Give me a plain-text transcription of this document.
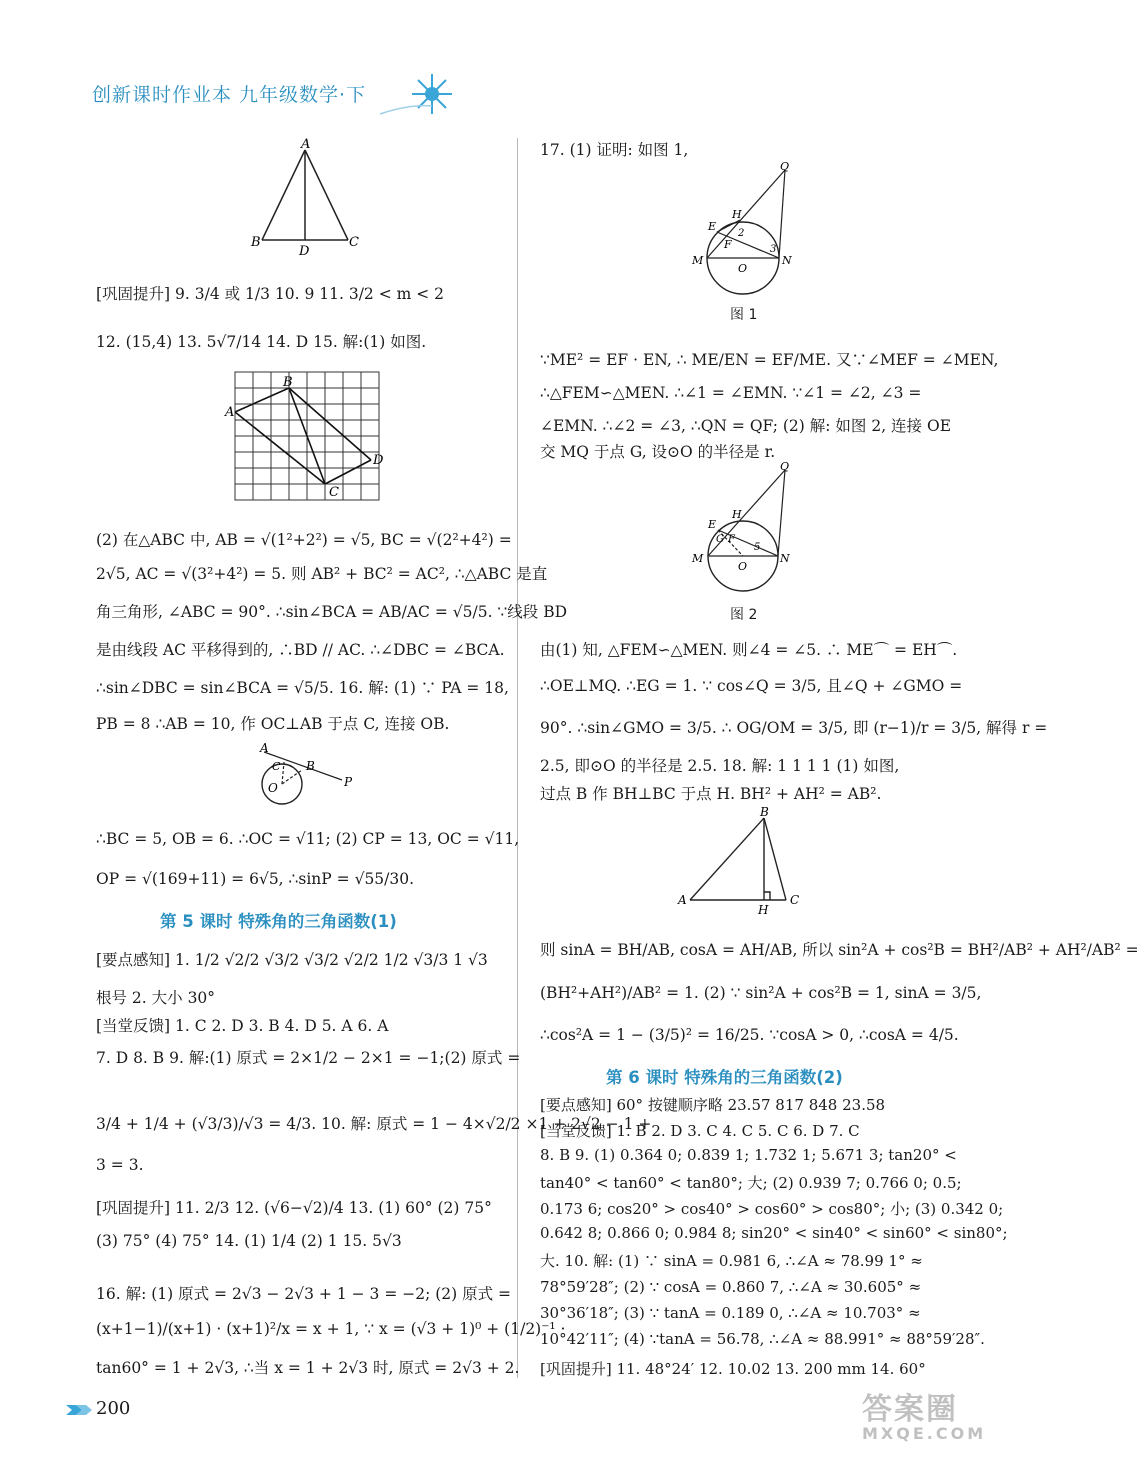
创新课时作业本 九年级数学·下
A
B
D
C
[巩固提升] 9. 3/4 或 1/3 10. 9 11. 3/2 < m < 2
12. (15,4) 13. 5√7/14 14. D 15. 解:(1) 如图.
A
B
C
D
(2) 在△ABC 中, AB = √(1²+2²) = √5, BC = √(2²+4²) =
2√5, AC = √(3²+4²) = 5. 则 AB² + BC² = AC², ∴△ABC 是直
角三角形, ∠ABC = 90°. ∴sin∠BCA = AB/AC = √5/5. ∵线段 BD
是由线段 AC 平移得到的, ∴BD // AC. ∴∠DBC = ∠BCA.
∴sin∠DBC = sin∠BCA = √5/5. 16. 解: (1) ∵ PA = 18,
PB = 8 ∴AB = 10, 作 OC⊥AB 于点 C, 连接 OB.
A
C B
O	P
∴BC = 5, OB = 6. ∴OC = √11; (2) CP = 13, OC = √11,
OP = √(169+11) = 6√5, ∴sinP = √55/30.
第 5 课时 特殊角的三角函数(1)
[要点感知] 1. 1/2 √2/2 √3/2 √3/2 √2/2 1/2 √3/3 1 √3
根号 2. 大小 30°
[当堂反馈] 1. C 2. D 3. B 4. D 5. A 6. A
7. D 8. B 9. 解:(1) 原式 = 2×1/2 − 2×1 = −1;(2) 原式 =
3/4 + 1/4 + (√3/3)/√3 = 4/3. 10. 解: 原式 = 1 − 4×√2/2 ×1 + 2√2 − 1 +
3 = 3.
[巩固提升] 11. 2/3 12. (√6−√2)/4 13. (1) 60° (2) 75°
(3) 75° (4) 75° 14. (1) 1/4 (2) 1 15. 5√3
16. 解: (1) 原式 = 2√3 − 2√3 + 1 − 3 = −2; (2) 原式 =
(x+1−1)/(x+1) · (x+1)²/x = x + 1, ∵ x = (√3 + 1)⁰ + (1/2)⁻¹ ·
tan60° = 1 + 2√3, ∴当 x = 1 + 2√3 时, 原式 = 2√3 + 2.
200
17. (1) 证明: 如图 1,
Q
H
E
F
2
3
M	N
O
图 1
∵ME² = EF · EN, ∴ ME/EN = EF/ME. 又∵∠MEF = ∠MEN,
∴△FEM∽△MEN. ∴∠1 = ∠EMN. ∵∠1 = ∠2, ∠3 =
∠EMN. ∴∠2 = ∠3, ∴QN = QF; (2) 解: 如图 2, 连接 OE
交 MQ 于点 G, 设⊙O 的半径是 r.
Q
H
E
G F
5
M	N
O
图 2
由(1) 知, △FEM∽△MEN. 则∠4 = ∠5. ∴ ME⌒ = EH⌒.
∴OE⊥MQ. ∴EG = 1. ∵ cos∠Q = 3/5, 且∠Q + ∠GMO =
90°. ∴sin∠GMO = 3/5. ∴ OG/OM = 3/5, 即 (r−1)/r = 3/5, 解得 r =
2.5, 即⊙O 的半径是 2.5. 18. 解: 1 1 1 1 (1) 如图,
过点 B 作 BH⊥BC 于点 H. BH² + AH² = AB².
B
A
H
C
则 sinA = BH/AB, cosA = AH/AB, 所以 sin²A + cos²B = BH²/AB² + AH²/AB² =
(BH²+AH²)/AB² = 1. (2) ∵ sin²A + cos²B = 1, sinA = 3/5,
∴cos²A = 1 − (3/5)² = 16/25. ∵cosA > 0, ∴cosA = 4/5.
第 6 课时 特殊角的三角函数(2)
[要点感知] 60° 按键顺序略 23.57 817 848 23.58
[当堂反馈] 1. B 2. D 3. C 4. C 5. C 6. D 7. C
8. B 9. (1) 0.364 0; 0.839 1; 1.732 1; 5.671 3; tan20° <
tan40° < tan60° < tan80°; 大; (2) 0.939 7; 0.766 0; 0.5;
0.173 6; cos20° > cos40° > cos60° > cos80°; 小; (3) 0.342 0;
0.642 8; 0.866 0; 0.984 8; sin20° < sin40° < sin60° < sin80°;
大. 10. 解: (1) ∵ sinA = 0.981 6, ∴∠A ≈ 78.99 1° ≈
78°59′28″; (2) ∵ cosA = 0.860 7, ∴∠A ≈ 30.605° ≈
30°36′18″; (3) ∵ tanA = 0.189 0, ∴∠A ≈ 10.703° ≈
10°42′11″; (4) ∵tanA = 56.78, ∴∠A ≈ 88.991° ≈ 88°59′28″.
[巩固提升] 11. 48°24′ 12. 10.02 13. 200 mm 14. 60°
答案圈
MXQE.COM
